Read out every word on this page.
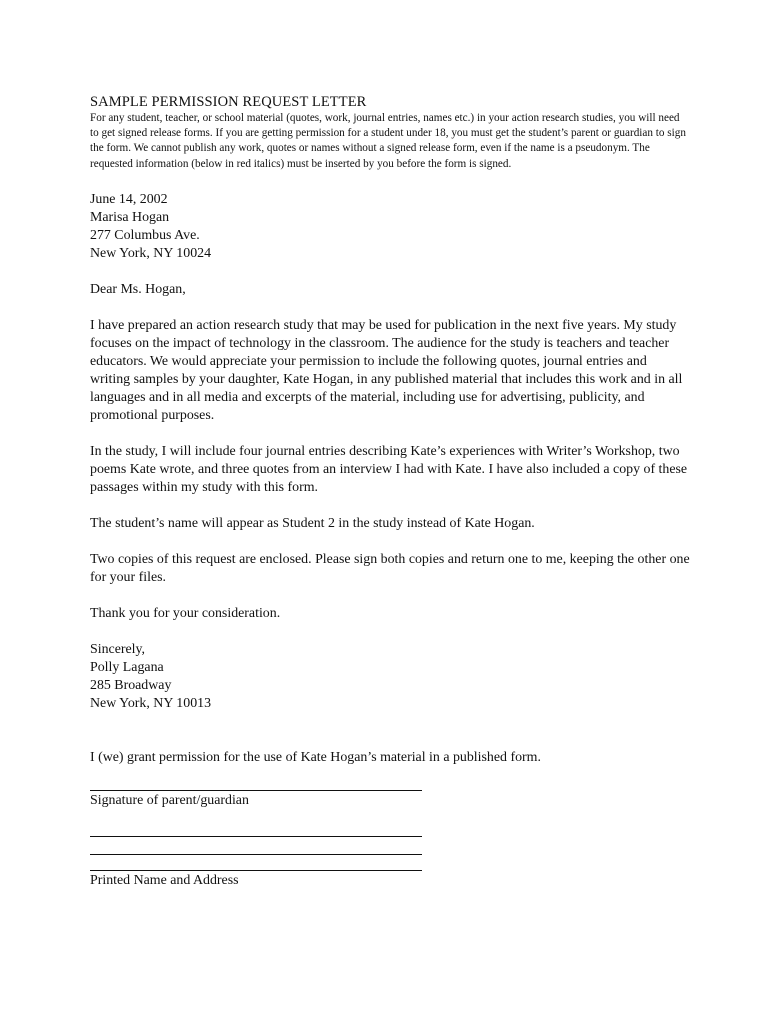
SAMPLE PERMISSION REQUEST LETTER

For any student, teacher, or school material (quotes, work, journal entries, names etc.) in your action research studies, you will need to get signed release forms. If you are getting permission for a student under 18, you must get the student’s parent or guardian to sign the form. We cannot publish any work, quotes or names without a signed release form, even if the name is a pseudonym. The requested information (below in red italics) must be inserted by you before the form is signed.

June 14, 2002

Marisa Hogan
277 Columbus Ave.
New York, NY 10024

Dear Ms. Hogan,

I have prepared an action research study that may be used for publication in the next five years. My study focuses on the impact of technology in the classroom. The audience for the study is teachers and teacher educators. We would appreciate your permission to include the following quotes, journal entries and writing samples by your daughter, Kate Hogan, in any published material that includes this work and in all languages and in all media and excerpts of the material, including use for advertising, publicity, and promotional purposes.

In the study, I will include four journal entries describing Kate’s experiences with Writer’s Workshop, two poems Kate wrote, and three quotes from an interview I had with Kate. I have also included a copy of these passages within my study with this form.

The student’s name will appear as Student 2 in the study instead of Kate Hogan.

Two copies of this request are enclosed. Please sign both copies and return one to me, keeping the other one for your files.

Thank you for your consideration.

Sincerely,
Polly Lagana
285 Broadway
New York, NY 10013

I (we) grant permission for the use of Kate Hogan’s material in a published form.

Signature of parent/guardian
Printed Name and Address
